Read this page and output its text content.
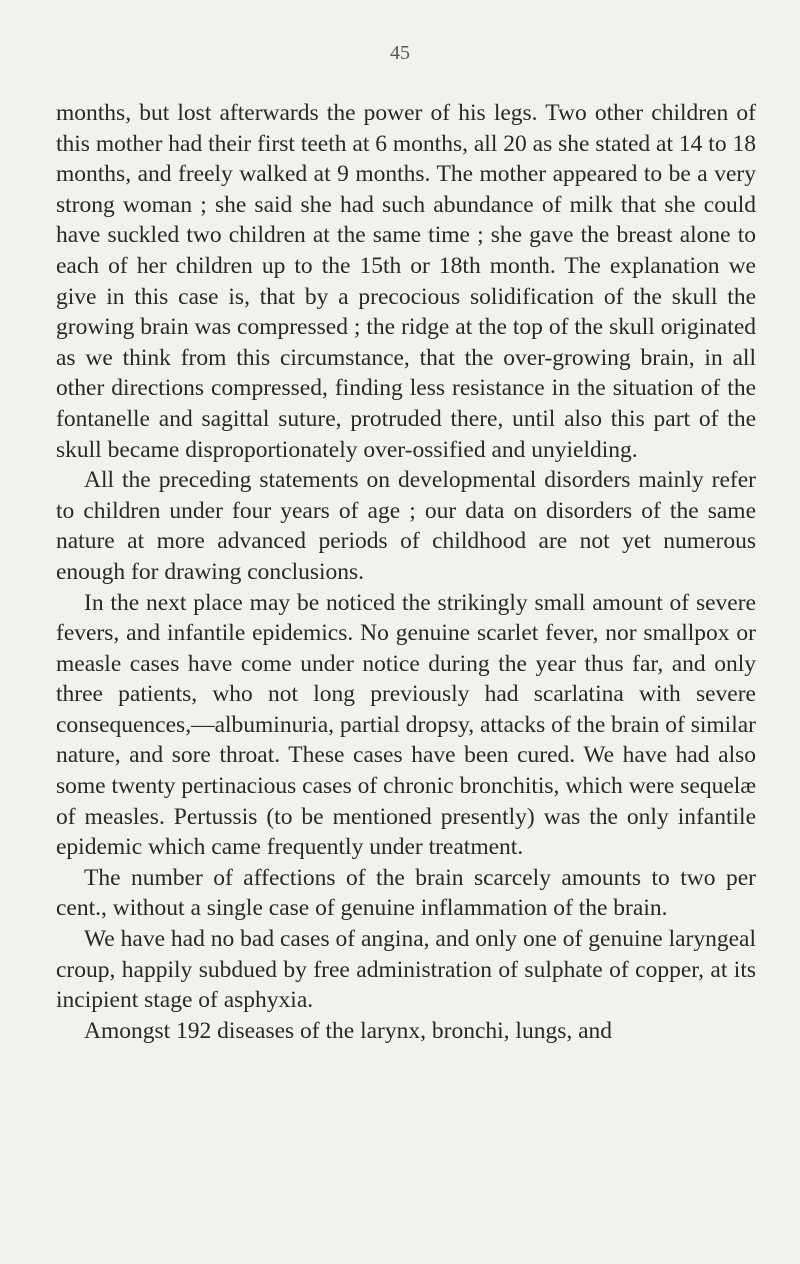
45

months, but lost afterwards the power of his legs. Two other children of this mother had their first teeth at 6 months, all 20 as she stated at 14 to 18 months, and freely walked at 9 months. The mother appeared to be a very strong woman ; she said she had such abundance of milk that she could have suckled two children at the same time ; she gave the breast alone to each of her children up to the 15th or 18th month. The explanation we give in this case is, that by a precocious solidification of the skull the growing brain was compressed ; the ridge at the top of the skull originated as we think from this circumstance, that the over-growing brain, in all other directions compressed, finding less resistance in the situation of the fontanelle and sagittal suture, protruded there, until also this part of the skull became disproportionately over-ossified and unyielding.

All the preceding statements on developmental disorders mainly refer to children under four years of age ; our data on disorders of the same nature at more advanced periods of childhood are not yet numerous enough for drawing conclusions.

In the next place may be noticed the strikingly small amount of severe fevers, and infantile epidemics. No genuine scarlet fever, nor smallpox or measle cases have come under notice during the year thus far, and only three patients, who not long previously had scarlatina with severe consequences,—albuminuria, partial dropsy, attacks of the brain of similar nature, and sore throat. These cases have been cured. We have had also some twenty pertinacious cases of chronic bronchitis, which were sequelæ of measles. Pertussis (to be mentioned presently) was the only infantile epidemic which came frequently under treatment.

The number of affections of the brain scarcely amounts to two per cent., without a single case of genuine inflammation of the brain.

We have had no bad cases of angina, and only one of genuine laryngeal croup, happily subdued by free administration of sulphate of copper, at its incipient stage of asphyxia.

Amongst 192 diseases of the larynx, bronchi, lungs, and
